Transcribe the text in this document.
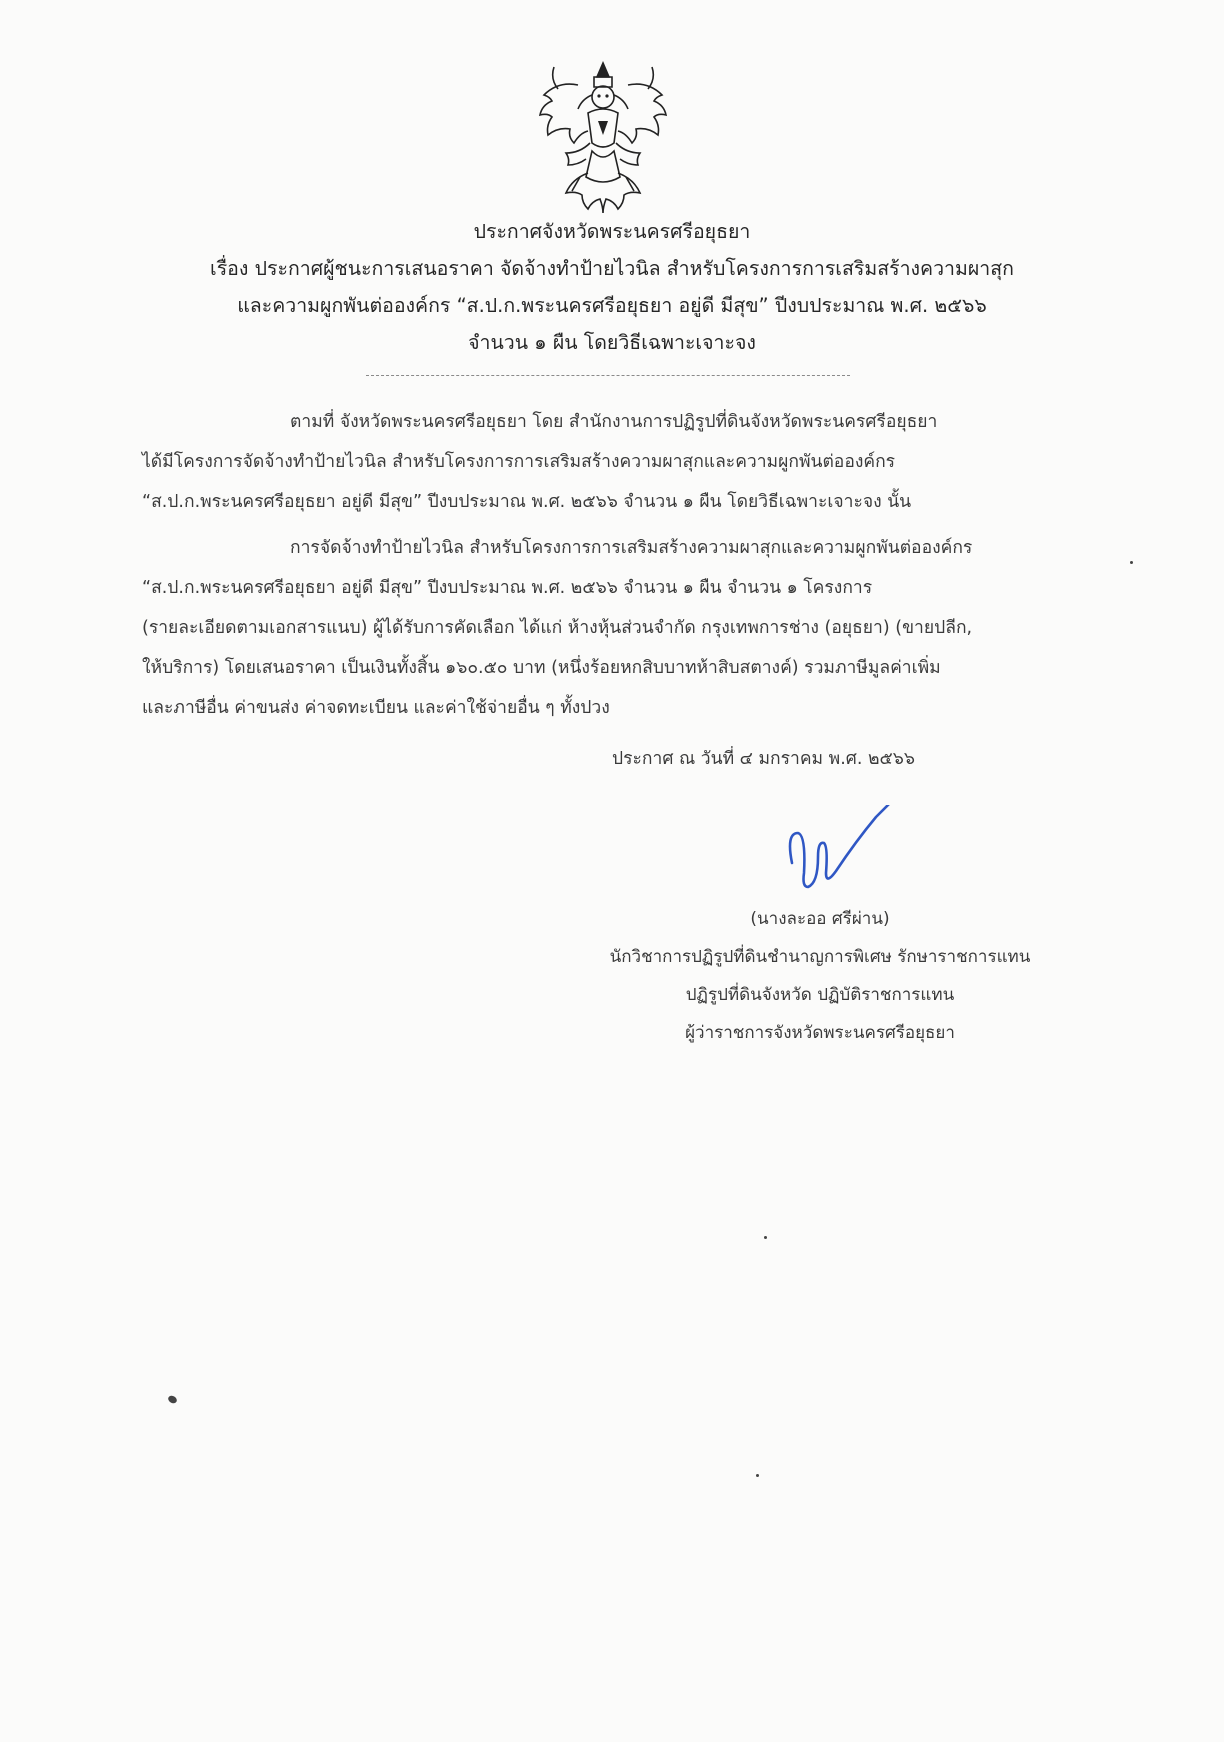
ประกาศจังหวัดพระนครศรีอยุธยา
เรื่อง ประกาศผู้ชนะการเสนอราคา จัดจ้างทำป้ายไวนิล สำหรับโครงการการเสริมสร้างความผาสุก
และความผูกพันต่อองค์กร “ส.ป.ก.พระนครศรีอยุธยา อยู่ดี มีสุข” ปีงบประมาณ พ.ศ. ๒๕๖๖
จำนวน ๑ ผืน โดยวิธีเฉพาะเจาะจง
ตามที่ จังหวัดพระนครศรีอยุธยา โดย สำนักงานการปฏิรูปที่ดินจังหวัดพระนครศรีอยุธยา
ได้มีโครงการจัดจ้างทำป้ายไวนิล สำหรับโครงการการเสริมสร้างความผาสุกและความผูกพันต่อองค์กร
“ส.ป.ก.พระนครศรีอยุธยา อยู่ดี มีสุข” ปีงบประมาณ พ.ศ. ๒๕๖๖ จำนวน ๑ ผืน โดยวิธีเฉพาะเจาะจง นั้น
การจัดจ้างทำป้ายไวนิล สำหรับโครงการการเสริมสร้างความผาสุกและความผูกพันต่อองค์กร
“ส.ป.ก.พระนครศรีอยุธยา อยู่ดี มีสุข” ปีงบประมาณ พ.ศ. ๒๕๖๖ จำนวน ๑ ผืน จำนวน ๑ โครงการ
(รายละเอียดตามเอกสารแนบ) ผู้ได้รับการคัดเลือก ได้แก่ ห้างหุ้นส่วนจำกัด กรุงเทพการช่าง (อยุธยา) (ขายปลีก,
ให้บริการ) โดยเสนอราคา เป็นเงินทั้งสิ้น ๑๖๐.๕๐ บาท (หนึ่งร้อยหกสิบบาทห้าสิบสตางค์) รวมภาษีมูลค่าเพิ่ม
และภาษีอื่น ค่าขนส่ง ค่าจดทะเบียน และค่าใช้จ่ายอื่น ๆ ทั้งปวง
ประกาศ ณ วันที่ ๔ มกราคม พ.ศ. ๒๕๖๖
(นางละออ ศรีผ่าน)
นักวิชาการปฏิรูปที่ดินชำนาญการพิเศษ รักษาราชการแทน
ปฏิรูปที่ดินจังหวัด ปฏิบัติราชการแทน
ผู้ว่าราชการจังหวัดพระนครศรีอยุธยา
